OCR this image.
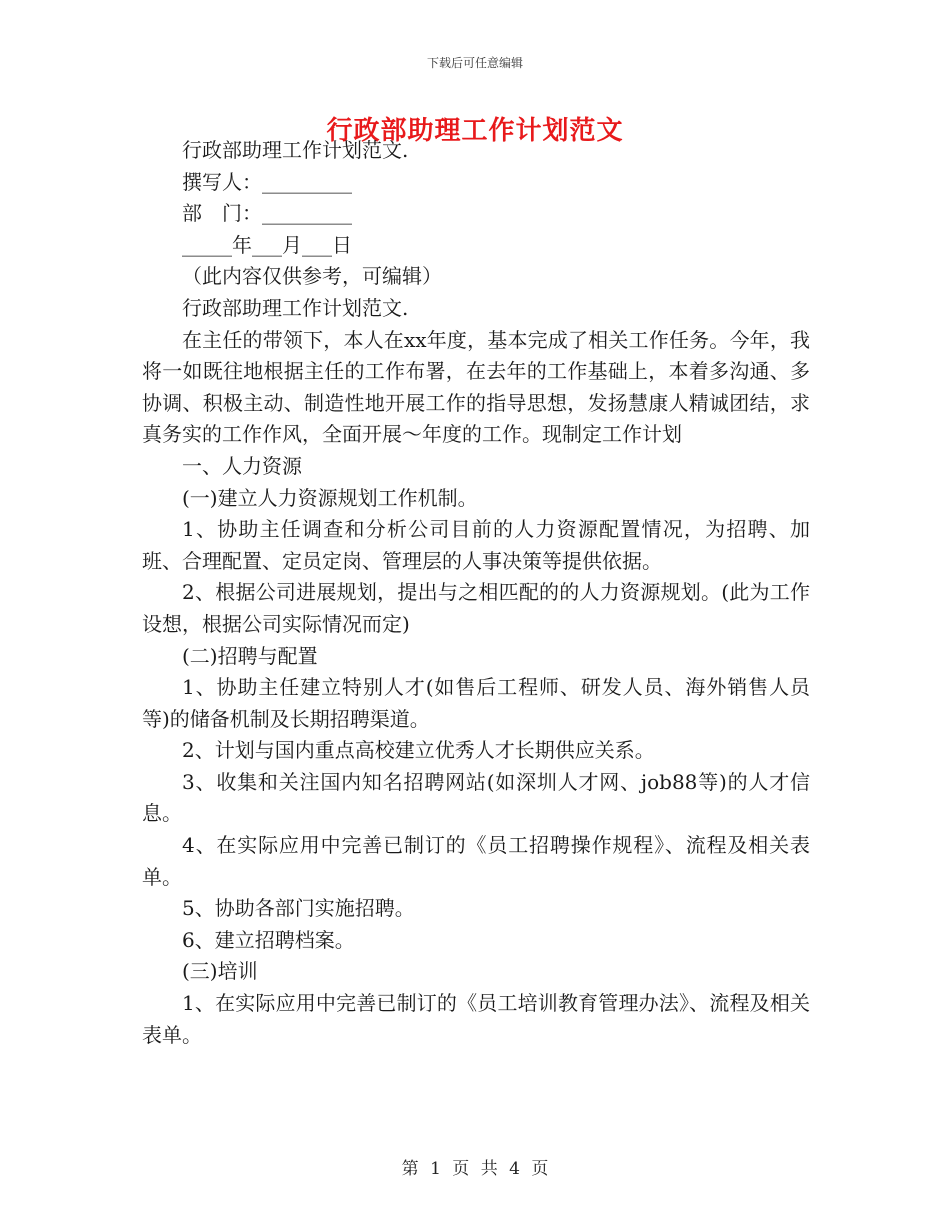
下载后可任意编辑
行政部助理工作计划范文

行政部助理工作计划范文.

撰写人：_________

部　门：_________

_____年___月___日

（此内容仅供参考，可编辑）

行政部助理工作计划范文.

在主任的带领下，本人在xx年度，基本完成了相关工作任务。今年，我将一如既往地根据主任的工作布署，在去年的工作基础上，本着多沟通、多协调、积极主动、制造性地开展工作的指导思想，发扬慧康人精诚团结，求真务实的工作作风，全面开展～年度的工作。现制定工作计划

一、人力资源

(一)建立人力资源规划工作机制。

1、协助主任调查和分析公司目前的人力资源配置情况，为招聘、加班、合理配置、定员定岗、管理层的人事决策等提供依据。

2、根据公司进展规划，提出与之相匹配的的人力资源规划。(此为工作设想，根据公司实际情况而定)

(二)招聘与配置

1、协助主任建立特别人才(如售后工程师、研发人员、海外销售人员等)的储备机制及长期招聘渠道。

2、计划与国内重点高校建立优秀人才长期供应关系。

3、收集和关注国内知名招聘网站(如深圳人才网、job88等)的人才信息。

4、在实际应用中完善已制订的《员工招聘操作规程》、流程及相关表单。

5、协助各部门实施招聘。

6、建立招聘档案。

(三)培训

1、在实际应用中完善已制订的《员工培训教育管理办法》、流程及相关表单。

第 1 页 共 4 页
